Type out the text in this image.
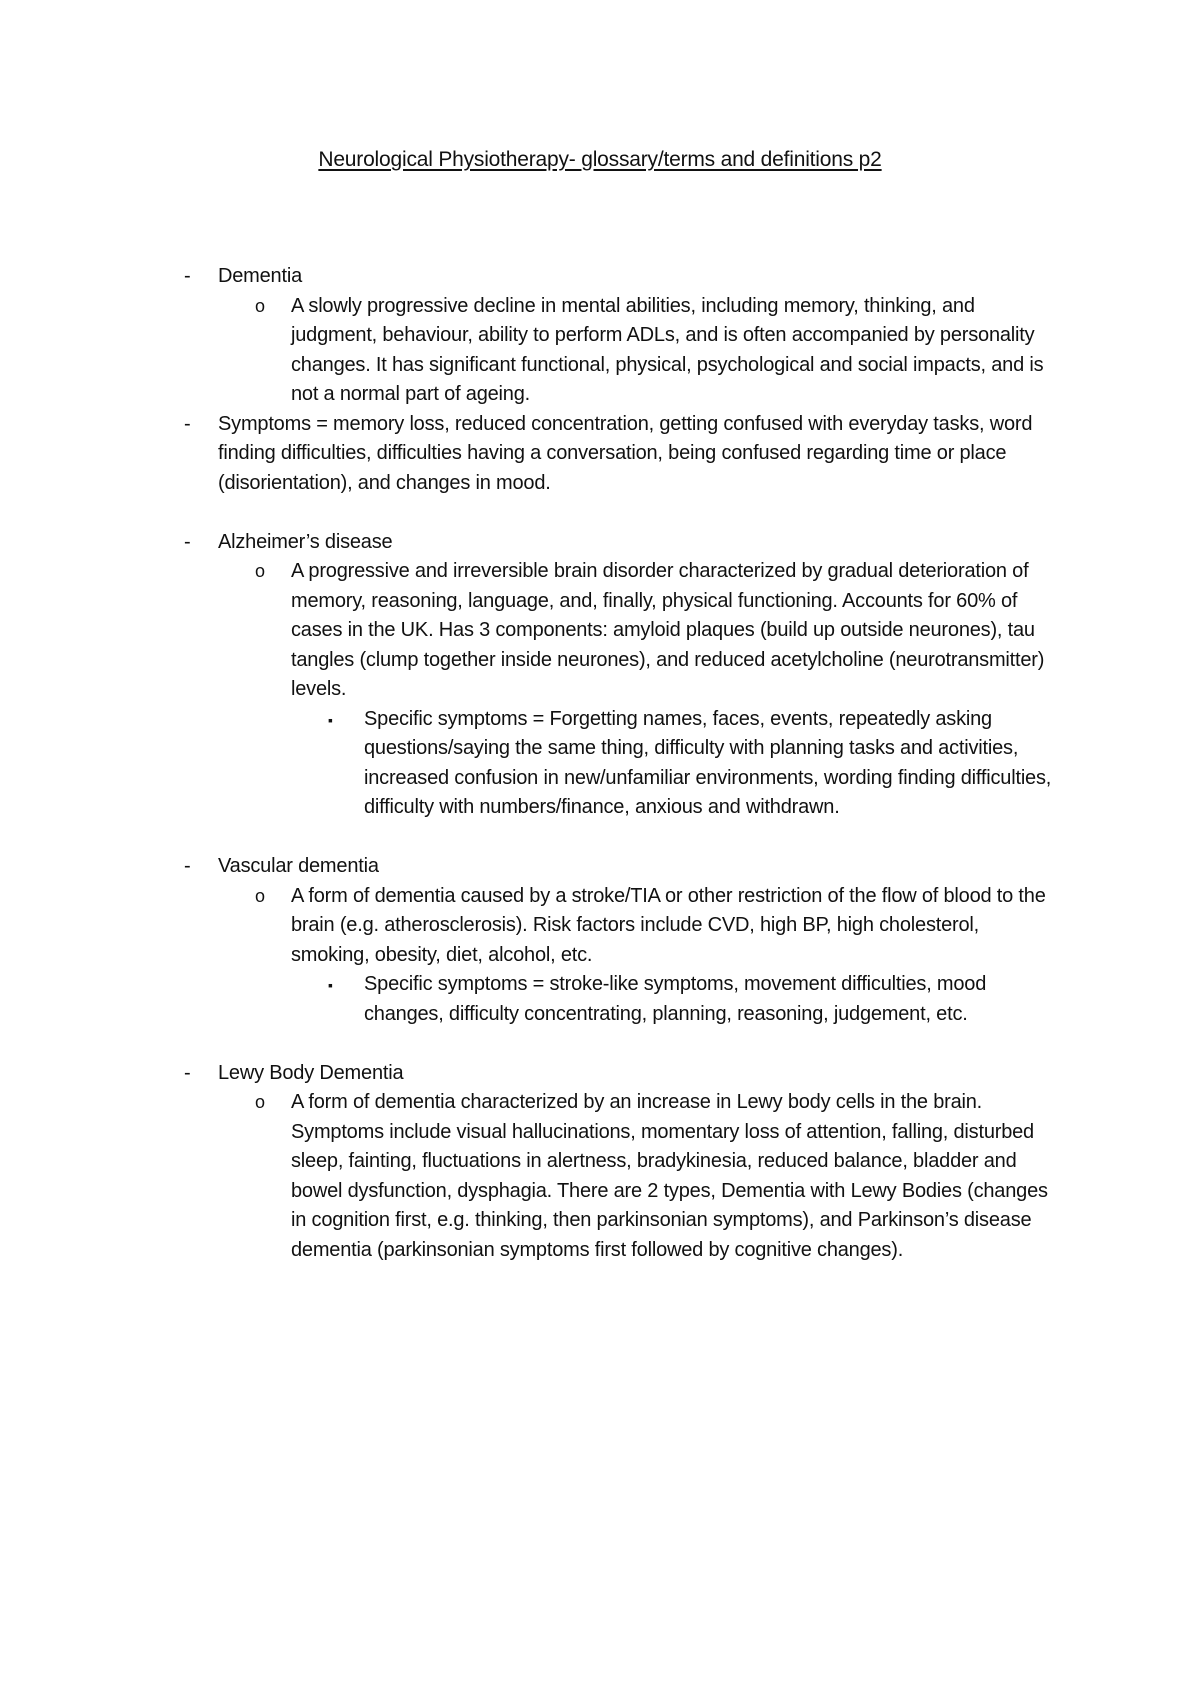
Neurological Physiotherapy- glossary/terms and definitions p2
- Dementia
o A slowly progressive decline in mental abilities, including memory, thinking, and judgment, behaviour, ability to perform ADLs, and is often accompanied by personality changes. It has significant functional, physical, psychological and social impacts, and is not a normal part of ageing.
- Symptoms = memory loss, reduced concentration, getting confused with everyday tasks, word finding difficulties, difficulties having a conversation, being confused regarding time or place (disorientation), and changes in mood.
- Alzheimer’s disease
o A progressive and irreversible brain disorder characterized by gradual deterioration of memory, reasoning, language, and, finally, physical functioning. Accounts for 60% of cases in the UK. Has 3 components: amyloid plaques (build up outside neurones), tau tangles (clump together inside neurones), and reduced acetylcholine (neurotransmitter) levels.
▪ Specific symptoms = Forgetting names, faces, events, repeatedly asking questions/saying the same thing, difficulty with planning tasks and activities, increased confusion in new/unfamiliar environments, wording finding difficulties, difficulty with numbers/finance, anxious and withdrawn.
- Vascular dementia
o A form of dementia caused by a stroke/TIA or other restriction of the flow of blood to the brain (e.g. atherosclerosis). Risk factors include CVD, high BP, high cholesterol, smoking, obesity, diet, alcohol, etc.
▪ Specific symptoms = stroke-like symptoms, movement difficulties, mood changes, difficulty concentrating, planning, reasoning, judgement, etc.
- Lewy Body Dementia
o A form of dementia characterized by an increase in Lewy body cells in the brain. Symptoms include visual hallucinations, momentary loss of attention, falling, disturbed sleep, fainting, fluctuations in alertness, bradykinesia, reduced balance, bladder and bowel dysfunction, dysphagia. There are 2 types, Dementia with Lewy Bodies (changes in cognition first, e.g. thinking, then parkinsonian symptoms), and Parkinson’s disease dementia (parkinsonian symptoms first followed by cognitive changes).
